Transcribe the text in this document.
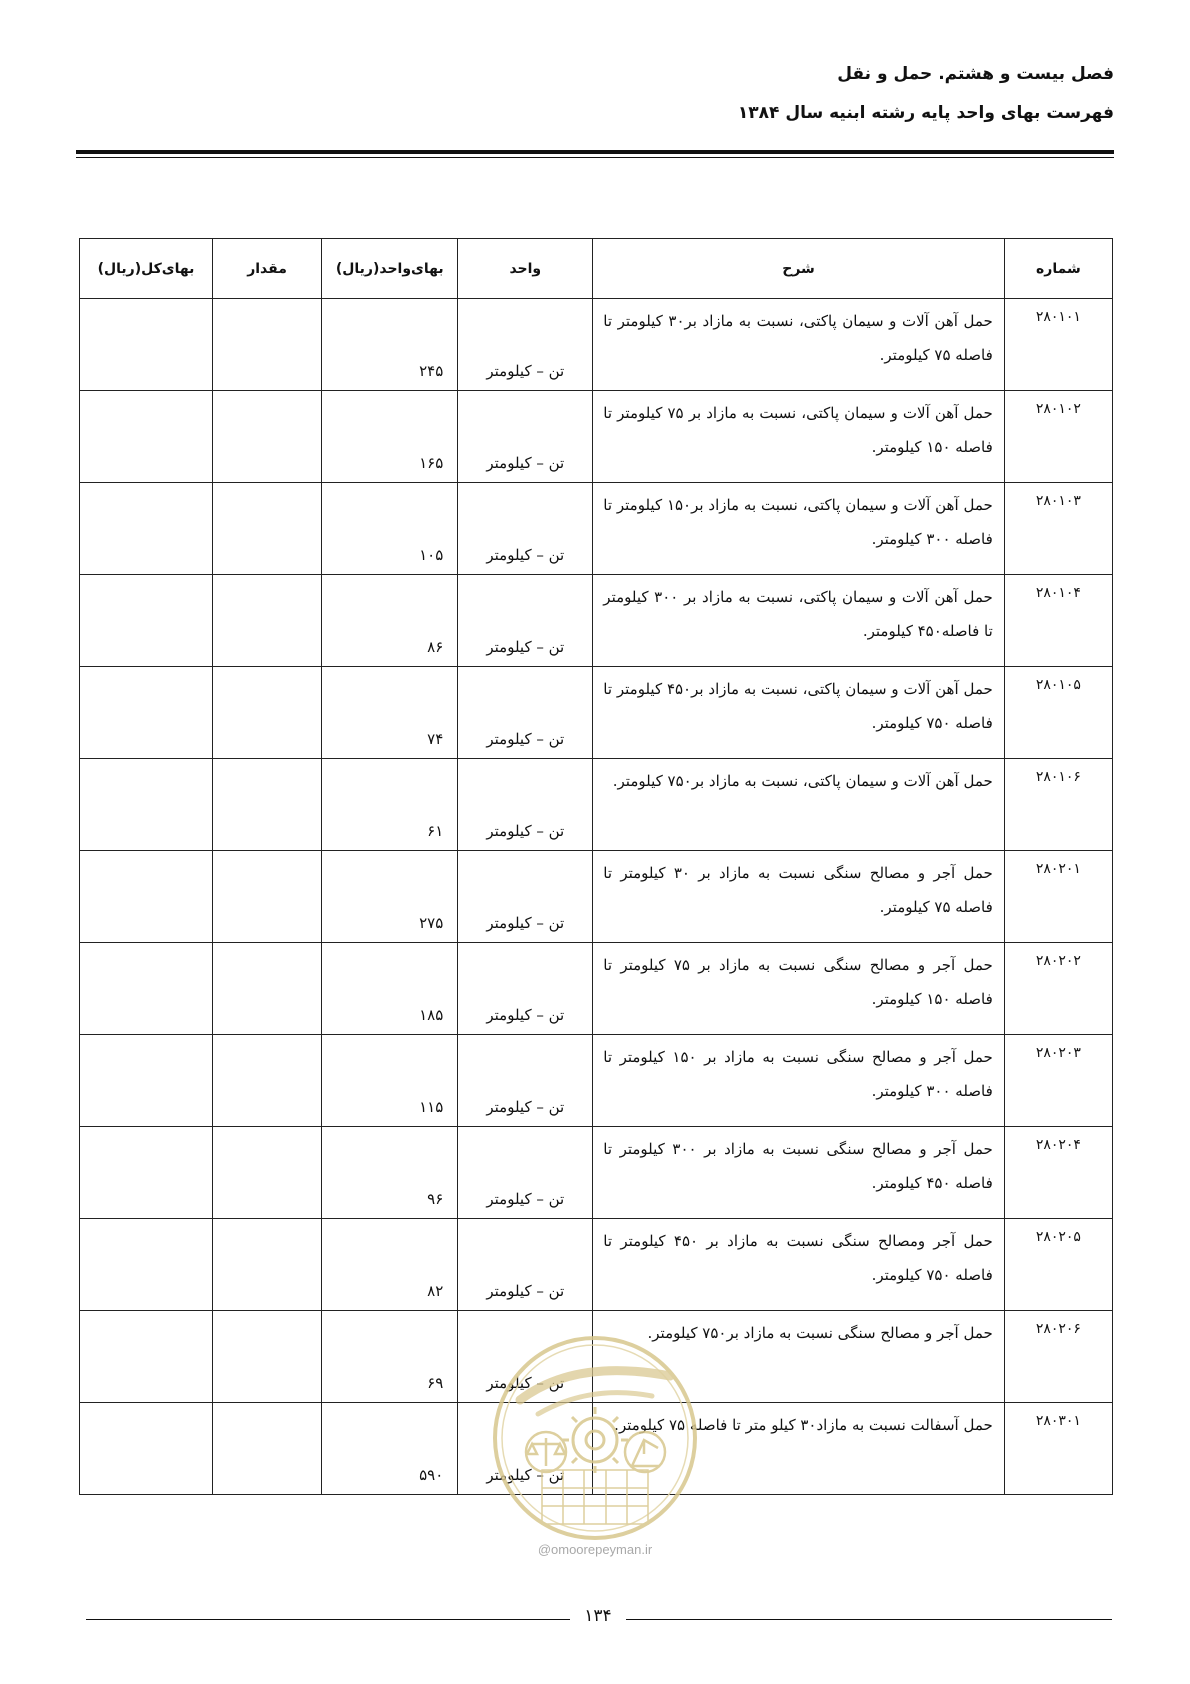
فصل بیست و هشتم. حمل و نقل
فهرست بهای واحد پایه رشته ابنیه سال ۱۳۸۴
شماره	شرح	واحد	بهای‌واحد(ریال)	مقدار	بهای‌کل(ریال)
۲۸۰۱۰۱	حمل آهن آلات و سیمان پاکتی، نسبت به مازاد بر۳۰ کیلومتر تا فاصله ۷۵ کیلومتر.	تن – کیلومتر	۲۴۵		
۲۸۰۱۰۲	حمل آهن آلات و سیمان پاکتی، نسبت به مازاد بر ۷۵ کیلومتر تا فاصله ۱۵۰ کیلومتر.	تن – کیلومتر	۱۶۵		
۲۸۰۱۰۳	حمل آهن آلات و سیمان پاکتی، نسبت به مازاد بر۱۵۰ کیلومتر تا فاصله ۳۰۰ کیلومتر.	تن – کیلومتر	۱۰۵		
۲۸۰۱۰۴	حمل آهن آلات و سیمان پاکتی، نسبت به مازاد بر ۳۰۰ کیلومتر تا فاصله۴۵۰ کیلومتر.	تن – کیلومتر	۸۶		
۲۸۰۱۰۵	حمل آهن آلات و سیمان پاکتی، نسبت به مازاد بر۴۵۰ کیلومتر تا فاصله ۷۵۰ کیلومتر.	تن – کیلومتر	۷۴		
۲۸۰۱۰۶	حمل آهن آلات و سیمان پاکتی، نسبت به مازاد بر۷۵۰ کیلومتر.	تن – کیلومتر	۶۱		
۲۸۰۲۰۱	حمل آجر و مصالح سنگی نسبت به مازاد بر ۳۰ کیلومتر تا فاصله ۷۵ کیلومتر.	تن – کیلومتر	۲۷۵		
۲۸۰۲۰۲	حمل آجر و مصالح سنگی نسبت به مازاد بر ۷۵ کیلومتر تا فاصله ۱۵۰ کیلومتر.	تن – کیلومتر	۱۸۵		
۲۸۰۲۰۳	حمل آجر و مصالح سنگی نسبت به مازاد بر ۱۵۰ کیلومتر تا فاصله ۳۰۰ کیلومتر.	تن – کیلومتر	۱۱۵		
۲۸۰۲۰۴	حمل آجر و مصالح سنگی نسبت به مازاد بر ۳۰۰ کیلومتر تا فاصله ۴۵۰ کیلومتر.	تن – کیلومتر	۹۶		
۲۸۰۲۰۵	حمل آجر ومصالح سنگی نسبت به مازاد بر ۴۵۰ کیلومتر تا فاصله ۷۵۰ کیلومتر.	تن – کیلومتر	۸۲		
۲۸۰۲۰۶	حمل آجر و مصالح سنگی نسبت به مازاد بر۷۵۰ کیلومتر.	تن – کیلومتر	۶۹		
۲۸۰۳۰۱	حمل آسفالت نسبت به مازاد۳۰ کیلو متر تا فاصله ۷۵ کیلومتر.	تن – کیلومتر	۵۹۰		
@omoorepeyman.ir
۱۳۴
